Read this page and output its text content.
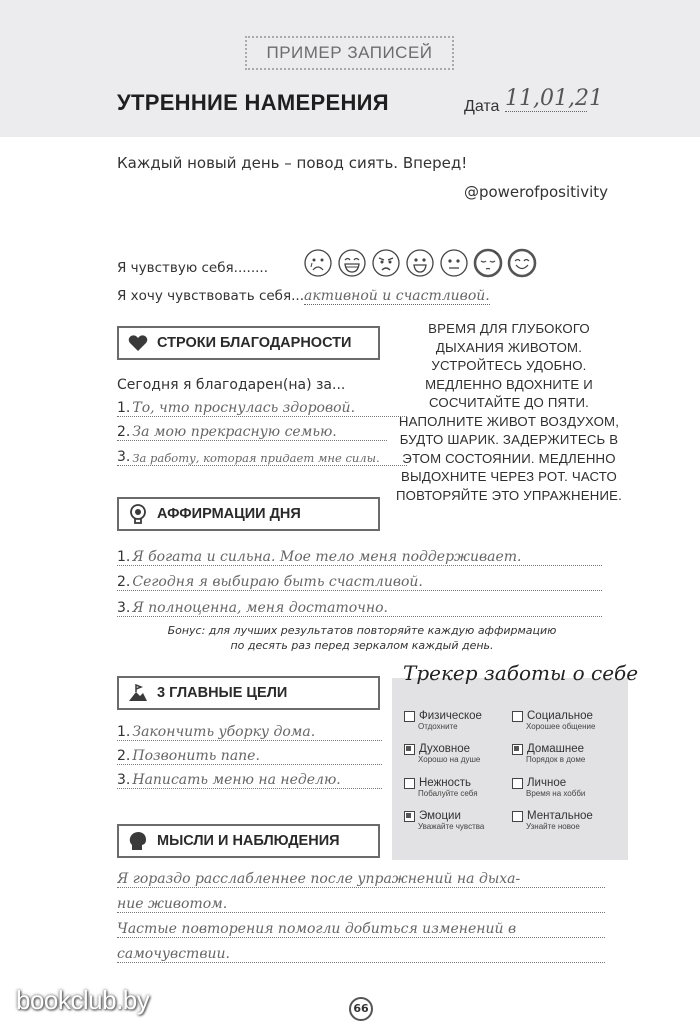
ПРИМЕР ЗАПИСЕЙ
УТРЕННИЕ НАМЕРЕНИЯ	Дата 11,01,21
Каждый новый день – повод сиять. Вперед!
@powerofpositivity
Я чувствую себя........
Я хочу чувствовать себя...активной и счастливой.
СТРОКИ БЛАГОДАРНОСТИ
Сегодня я благодарен(на) за...
1. То, что проснулась здоровой.
2. За мою прекрасную семью.
3. За работу, которая придает мне силы.
ВРЕМЯ ДЛЯ ГЛУБОКОГО ДЫХАНИЯ ЖИВОТОМ. УСТРОЙТЕСЬ УДОБНО. МЕДЛЕННО ВДОХНИТЕ И СОСЧИТАЙТЕ ДО ПЯТИ. НАПОЛНИТЕ ЖИВОТ ВОЗДУХОМ, БУДТО ШАРИК. ЗАДЕРЖИТЕСЬ В ЭТОМ СОСТОЯНИИ. МЕДЛЕННО ВЫДОХНИТЕ ЧЕРЕЗ РОТ. ЧАСТО ПОВТОРЯЙТЕ ЭТО УПРАЖНЕНИЕ.
АФФИРМАЦИИ ДНЯ
1. Я богата и сильна. Мое тело меня поддерживает.
2. Сегодня я выбираю быть счастливой.
3. Я полноценна, меня достаточно.
Бонус: для лучших результатов повторяйте каждую аффирмацию
по десять раз перед зеркалом каждый день.
3 ГЛАВНЫЕ ЦЕЛИ
1. Закончить уборку дома.
2. Позвонить папе.
3. Написать меню на неделю.
Трекер заботы о себе
Физическое
Отдохните
Социальное
Хорошее общение
Духовное
Хорошо на душе
Домашнее
Порядок в доме
Нежность
Побалуйте себя
Личное
Время на хобби
Эмоции
Уважайте чувства
Ментальное
Узнайте новое
МЫСЛИ И НАБЛЮДЕНИЯ
Я гораздо расслабленнее после упражнений на дыха-
ние животом.
Частые повторения помогли добиться изменений в
самочувствии.
bookclub.by	66
